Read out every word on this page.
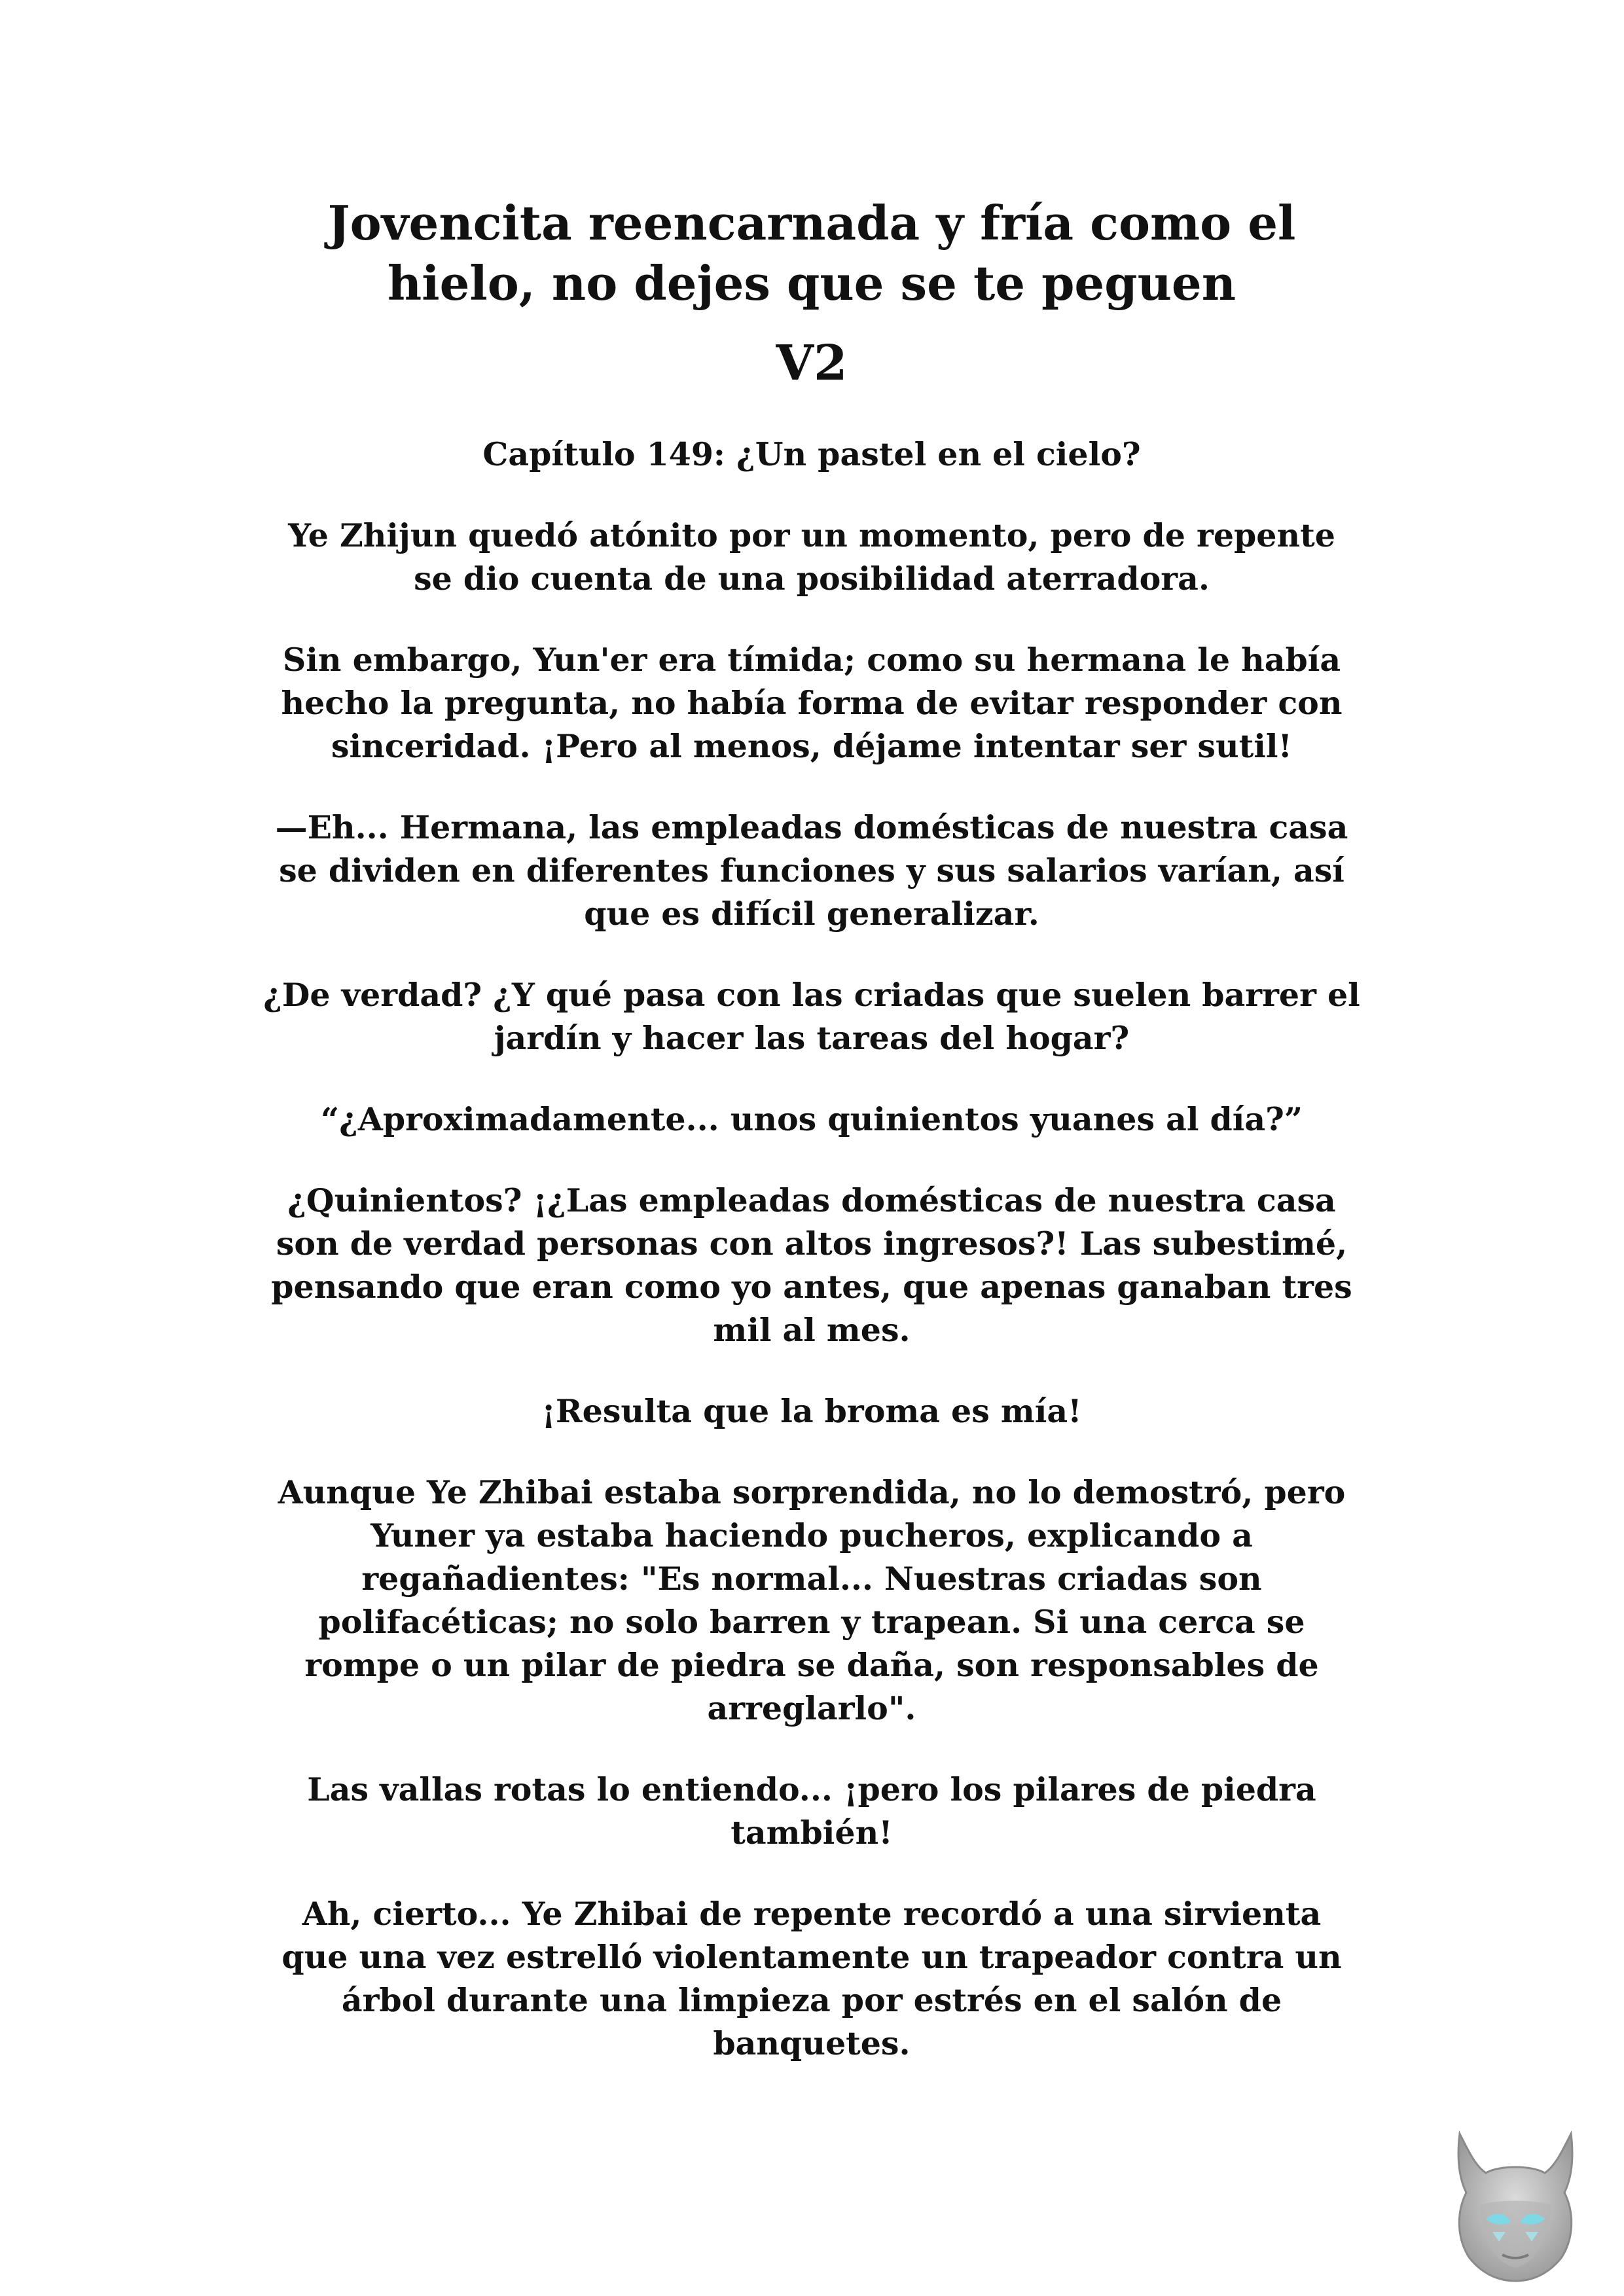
Jovencita reencarnada y fría como el
hielo, no dejes que se te peguen
V2
Capítulo 149: ¿Un pastel en el cielo?

Ye Zhijun quedó atónito por un momento, pero de repente
se dio cuenta de una posibilidad aterradora.

Sin embargo, Yun'er era tímida; como su hermana le había
hecho la pregunta, no había forma de evitar responder con
sinceridad. ¡Pero al menos, déjame intentar ser sutil!

—Eh... Hermana, las empleadas domésticas de nuestra casa
se dividen en diferentes funciones y sus salarios varían, así
que es difícil generalizar.

¿De verdad? ¿Y qué pasa con las criadas que suelen barrer el
jardín y hacer las tareas del hogar?

“¿Aproximadamente... unos quinientos yuanes al día?”

¿Quinientos? ¡¿Las empleadas domésticas de nuestra casa
son de verdad personas con altos ingresos?! Las subestimé,
pensando que eran como yo antes, que apenas ganaban tres
mil al mes.

¡Resulta que la broma es mía!

Aunque Ye Zhibai estaba sorprendida, no lo demostró, pero
Yuner ya estaba haciendo pucheros, explicando a
regañadientes: "Es normal... Nuestras criadas son
polifacéticas; no solo barren y trapean. Si una cerca se
rompe o un pilar de piedra se daña, son responsables de
arreglarlo".

Las vallas rotas lo entiendo... ¡pero los pilares de piedra
también!

Ah, cierto... Ye Zhibai de repente recordó a una sirvienta
que una vez estrelló violentamente un trapeador contra un
árbol durante una limpieza por estrés en el salón de
banquetes.
